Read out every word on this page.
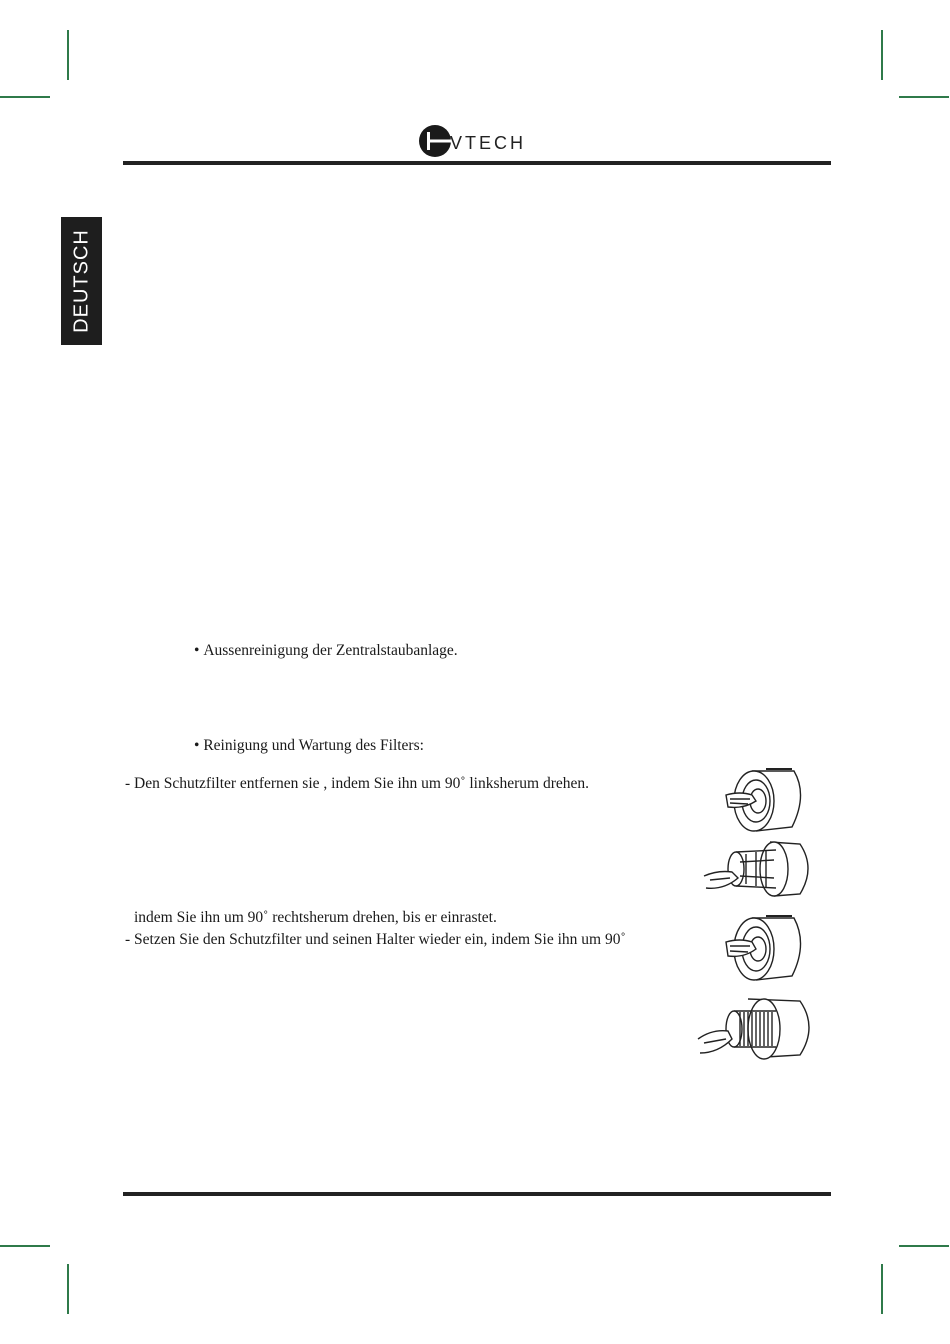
VTECH
DEUTSCH
• Aussenreinigung der Zentralstaubanlage.
• Reinigung und Wartung des Filters:
- Den Schutzfilter entfernen sie , indem Sie ihn um 90˚ linksherum drehen.
indem Sie ihn um 90˚ rechtsherum drehen, bis er einrastet.
- Setzen Sie den Schutzfilter und seinen Halter wieder ein, indem Sie ihn um 90˚
